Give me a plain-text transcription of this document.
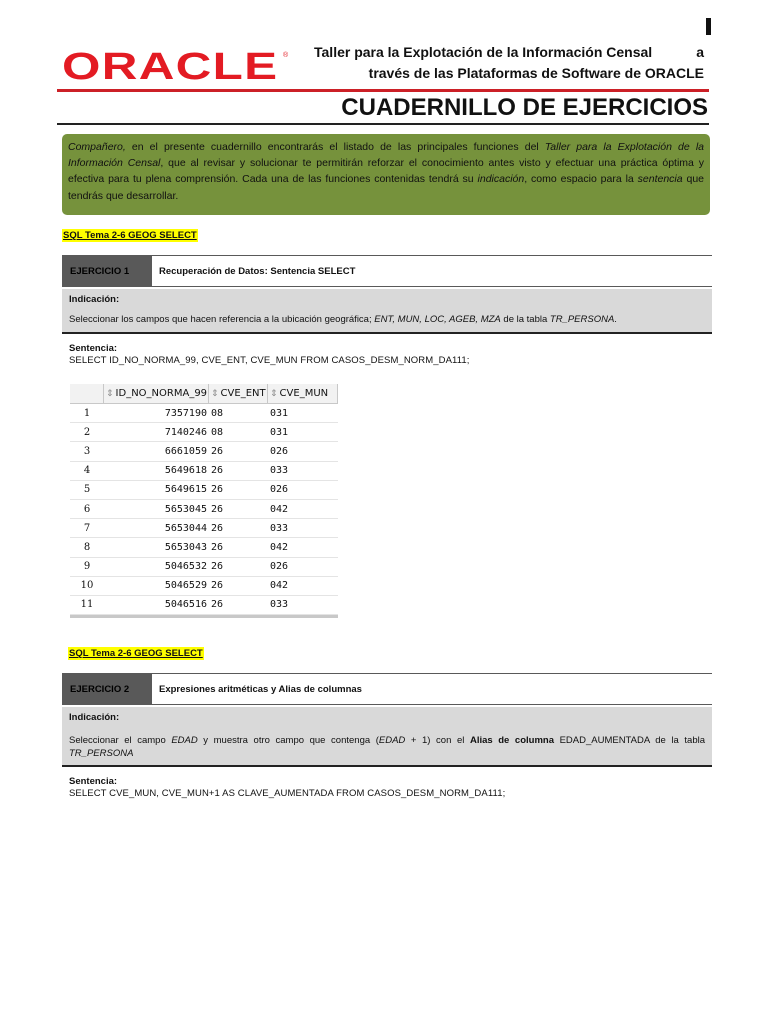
ORACLE ® Taller para la Explotación de la Información Censal	a
través de las Plataformas de Software de ORACLE
CUADERNILLO DE EJERCICIOS
Compañero, en el presente cuadernillo encontrarás el listado de las principales funciones del Taller para la Explotación de la Información Censal, que al revisar y solucionar te permitirán reforzar el conocimiento antes visto y efectuar una práctica óptima y efectiva para tu plena comprensión. Cada una de las funciones contenidas tendrá su indicación, como espacio para la sentencia que tendrás que desarrollar.
SQL Tema 2-6 GEOG SELECT
EJERCICIO 1	Recuperación de Datos: Sentencia SELECT
Indicación:
Seleccionar los campos que hacen referencia a la ubicación geográfica; ENT, MUN, LOC, AGEB, MZA de la tabla TR_PERSONA.
Sentencia:
SELECT ID_NO_NORMA_99, CVE_ENT, CVE_MUN FROM CASOS_DESM_NORM_DA111;
⇕ ID_NO_NORMA_99 ⇕ CVE_ENT ⇕ CVE_MUN
1	7357190 08	031
2	7140246 08	031
3	6661059 26	026
4	5649618 26	033
5	5649615 26	026
6	5653045 26	042
7	5653044 26	033
8	5653043 26	042
9	5046532 26	026
10	5046529 26	042
11	5046516 26	033
SQL Tema 2-6 GEOG SELECT
EJERCICIO 2	Expresiones aritméticas y Alias de columnas
Indicación:
Seleccionar el campo EDAD y muestra otro campo que contenga (EDAD + 1) con el Alias de columna EDAD_AUMENTADA de la tabla TR_PERSONA
Sentencia:
SELECT CVE_MUN, CVE_MUN+1 AS CLAVE_AUMENTADA FROM CASOS_DESM_NORM_DA111;
